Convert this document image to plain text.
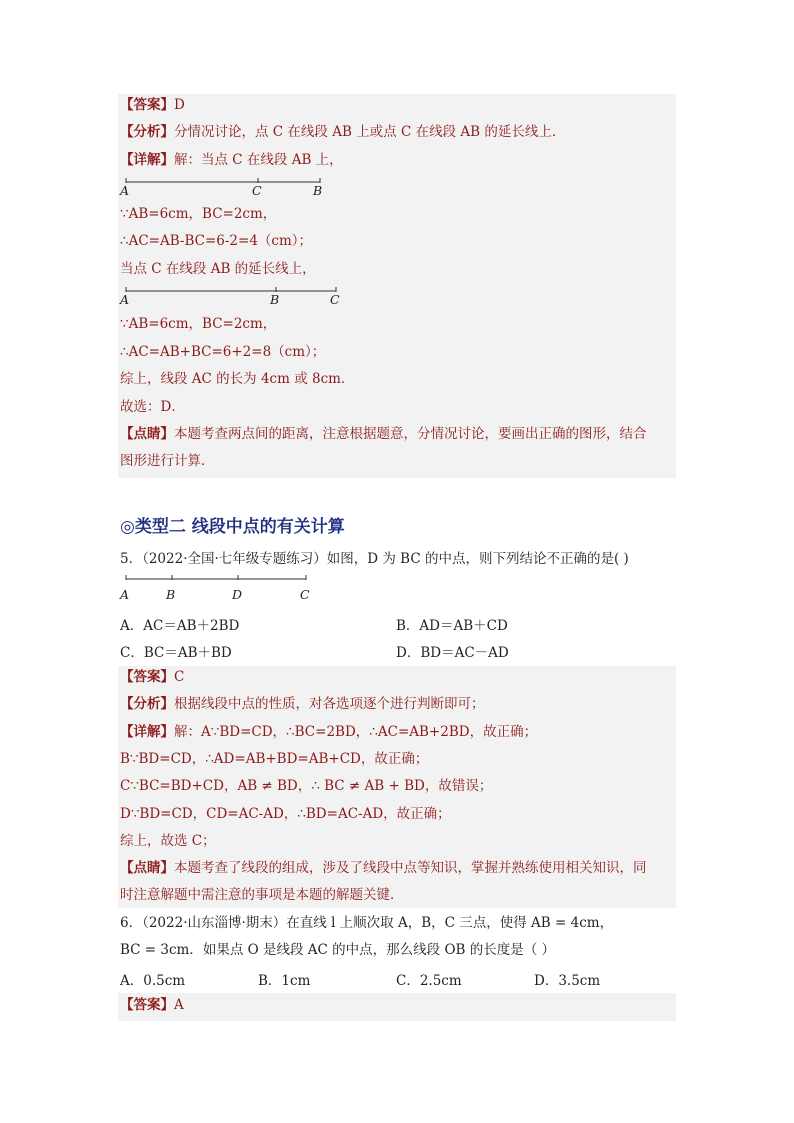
【答案】D
【分析】分情况讨论，点 C 在线段 AB 上或点 C 在线段 AB 的延长线上．
【详解】解：当点 C 在线段 AB 上，
A	C	B
∵AB=6cm，BC=2cm，
∴AC=AB-BC=6-2=4（cm）；
当点 C 在线段 AB 的延长线上，
A	B	C
∵AB=6cm，BC=2cm，
∴AC=AB+BC=6+2=8（cm）；
综上，线段 AC 的长为 4cm 或 8cm．
故选：D．
【点睛】本题考查两点间的距离，注意根据题意，分情况讨论，要画出正确的图形，结合
图形进行计算．
◎类型二 线段中点的有关计算
5．（2022·全国·七年级专题练习）如图，D 为 BC 的中点，则下列结论不正确的是( )
A	B	D	C
A．AC＝AB＋2BD	B．AD＝AB＋CD
C．BC＝AB＋BD	D．BD＝AC－AD
【答案】C
【分析】根据线段中点的性质，对各选项逐个进行判断即可；
【详解】解：A∵BD=CD，∴BC=2BD，∴AC=AB+2BD，故正确；
B∵BD=CD，∴AD=AB+BD=AB+CD，故正确；
C∵BC=BD+CD，AB ≠ BD，∴ BC ≠ AB + BD，故错误；
D∵BD=CD，CD=AC-AD，∴BD=AC-AD，故正确；
综上，故选 C；
【点睛】本题考查了线段的组成，涉及了线段中点等知识，掌握并熟练使用相关知识，同
时注意解题中需注意的事项是本题的解题关键．
6．（2022·山东淄博·期末）在直线 l 上顺次取 A，B，C 三点，使得 AB = 4cm，
BC = 3cm．如果点 O 是线段 AC 的中点，那么线段 OB 的长度是（ ）
A．0.5cm	B．1cm	C．2.5cm	D．3.5cm
【答案】A
